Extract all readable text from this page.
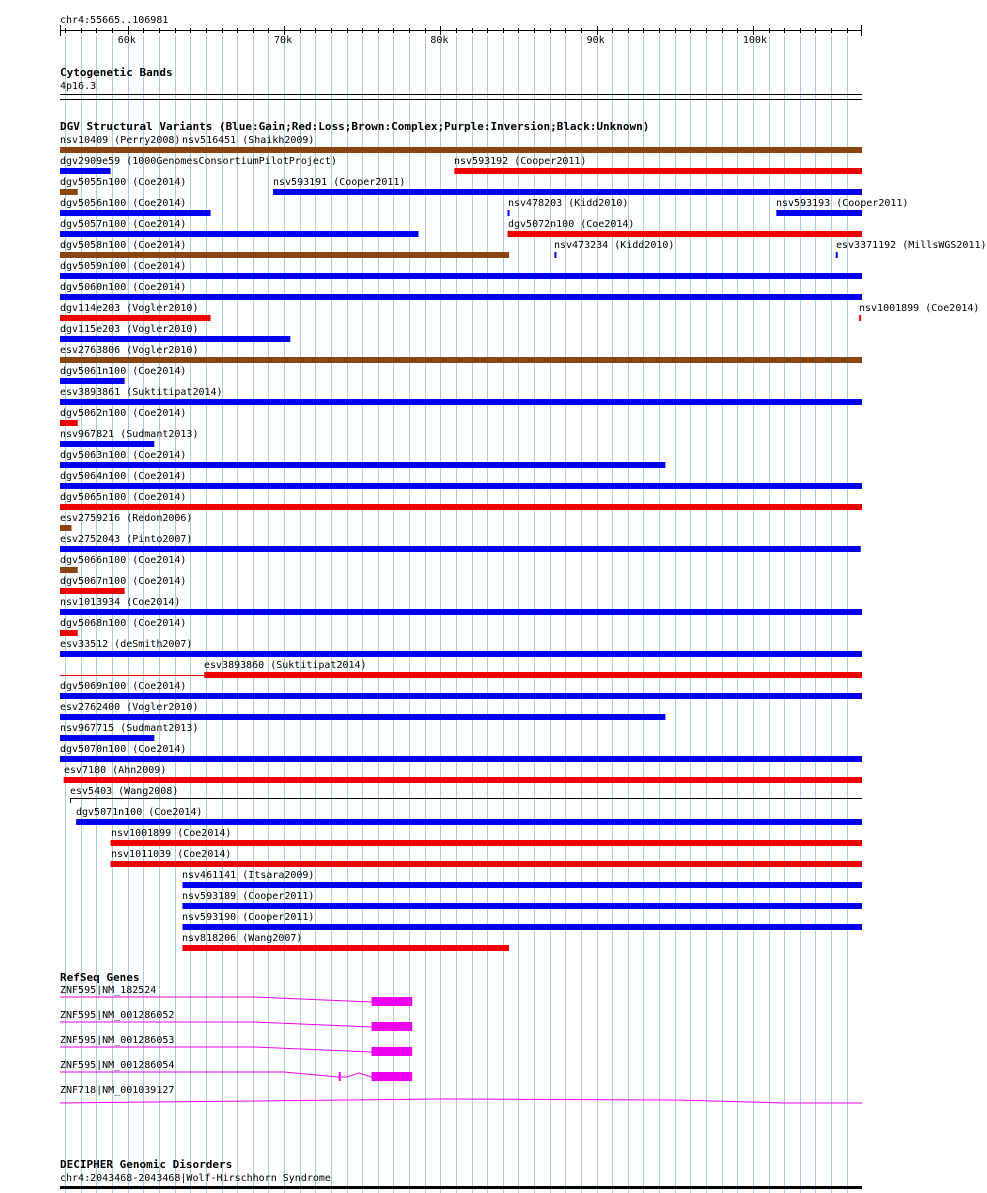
chr4:55665..106981
60k	70k	80k	90k	100k
Cytogenetic Bands
4p16.3
DGV Structural Variants (Blue:Gain;Red:Loss;Brown:Complex;Purple:Inversion;Black:Unknown)
nsv10409 (Perry2008) nsv516451 (Shaikh2009)
dgv2909e59 (1000GenomesConsortiumPilotProject)	nsv593192 (Cooper2011)
dgv5055n100 (Coe2014)	nsv593191 (Cooper2011)
dgv5056n100 (Coe2014)	nsv478203 (Kidd2010)	nsv593193 (Cooper2011)
dgv5057n100 (Coe2014)	dgv5072n100 (Coe2014)
dgv5058n100 (Coe2014)	nsv473234 (Kidd2010)	esv3371192 (MillsWGS2011)
dgv5059n100 (Coe2014)
dgv5060n100 (Coe2014)
dgv114e203 (Vogler2010)	nsv1001899 (Coe2014)
dgv115e203 (Vogler2010)
esv2763806 (Vogler2010)
dgv5061n100 (Coe2014)
esv3893861 (Suktitipat2014)
dgv5062n100 (Coe2014)
nsv967821 (Sudmant2013)
dgv5063n100 (Coe2014)
dgv5064n100 (Coe2014)
dgv5065n100 (Coe2014)
esv2759216 (Redon2006)
esv2752043 (Pinto2007)
dgv5066n100 (Coe2014)
dgv5067n100 (Coe2014)
nsv1013934 (Coe2014)
dgv5068n100 (Coe2014)
esv33512 (deSmith2007)
esv3893860 (Suktitipat2014)
dgv5069n100 (Coe2014)
esv2762400 (Vogler2010)
nsv967715 (Sudmant2013)
dgv5070n100 (Coe2014)
esv7180 (Ahn2009)
esv5403 (Wang2008)
dgv5071n100 (Coe2014)
nsv1001899 (Coe2014)
nsv1011039 (Coe2014)
nsv461141 (Itsara2009)
nsv593189 (Cooper2011)
nsv593190 (Cooper2011)
nsv818206 (Wang2007)
RefSeq Genes
ZNF595|NM_182524
ZNF595|NM_001286052
ZNF595|NM_001286053
ZNF595|NM_001286054
ZNF718|NM_001039127
DECIPHER Genomic Disorders
chr4:2043468-2043468|Wolf-Hirschhorn Syndrome
